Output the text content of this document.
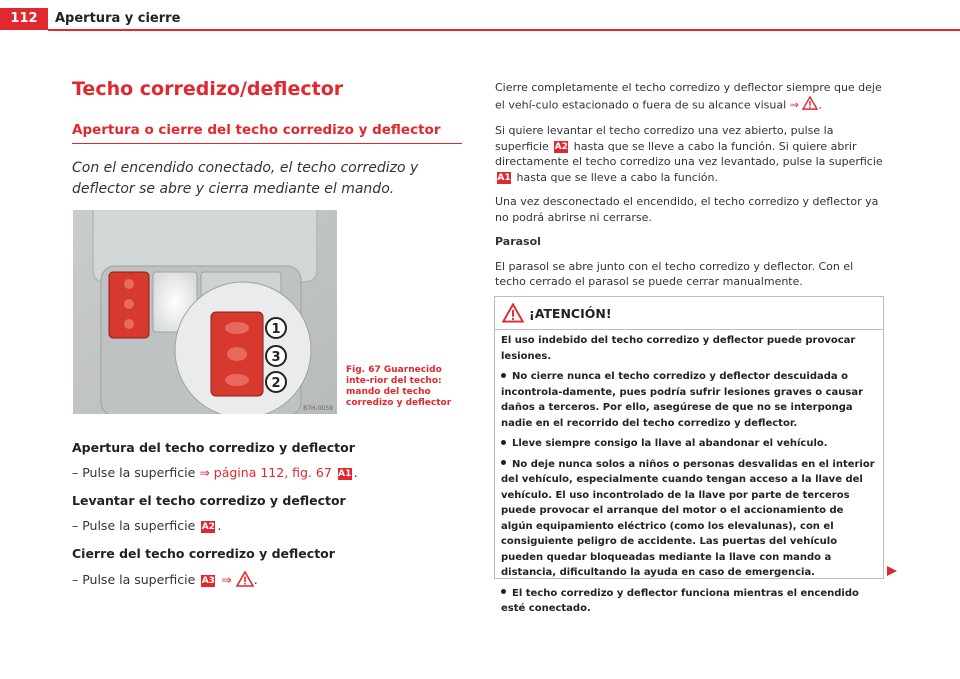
112	Apertura y cierre
Techo corredizo/deflector
Apertura o cierre del techo corredizo y deflector
Con el encendido conectado, el techo corredizo y deflector se abre y cierra mediante el mando.
1
3
2
B7H-0059
Fig. 67 Guarnecido inte-rior del techo: mando del techo corredizo y deflector
Apertura del techo corredizo y deflector
– Pulse la superficie ⇒ página 112, fig. 67 A1 .
Levantar el techo corredizo y deflector
– Pulse la superficie A2 .
Cierre del techo corredizo y deflector
– Pulse la superficie A3 ⇒ .

Cierre completamente el techo corredizo y deflector siempre que deje el vehí-culo estacionado o fuera de su alcance visual ⇒ .

Si quiere levantar el techo corredizo una vez abierto, pulse la superficie A2 hasta que se lleve a cabo la función. Si quiere abrir directamente el techo corredizo una vez levantado, pulse la superficie A1 hasta que se lleve a cabo la función.

Una vez desconectado el encendido, el techo corredizo y deflector ya no podrá abrirse ni cerrarse.

Parasol

El parasol se abre junto con el techo corredizo y deflector. Con el techo cerrado el parasol se puede cerrar manualmente.

¡ATENCIÓN!

El uso indebido del techo corredizo y deflector puede provocar lesiones.

No cierre nunca el techo corredizo y deflector descuidada o incontrola-damente, pues podría sufrir lesiones graves o causar daños a terceros. Por ello, asegúrese de que no se interponga nadie en el recorrido del techo corredizo y deflector.

Lleve siempre consigo la llave al abandonar el vehículo.

No deje nunca solos a niños o personas desvalidas en el interior del vehículo, especialmente cuando tengan acceso a la llave del vehículo. El uso incontrolado de la llave por parte de terceros puede provocar el arranque del motor o el accionamiento de algún equipamiento eléctrico (como los elevalunas), con el consiguiente peligro de accidente. Las puertas del vehículo pueden quedar bloqueadas mediante la llave con mando a distancia, dificultando la ayuda en caso de emergencia.

El techo corredizo y deflector funciona mientras el encendido esté conectado.
